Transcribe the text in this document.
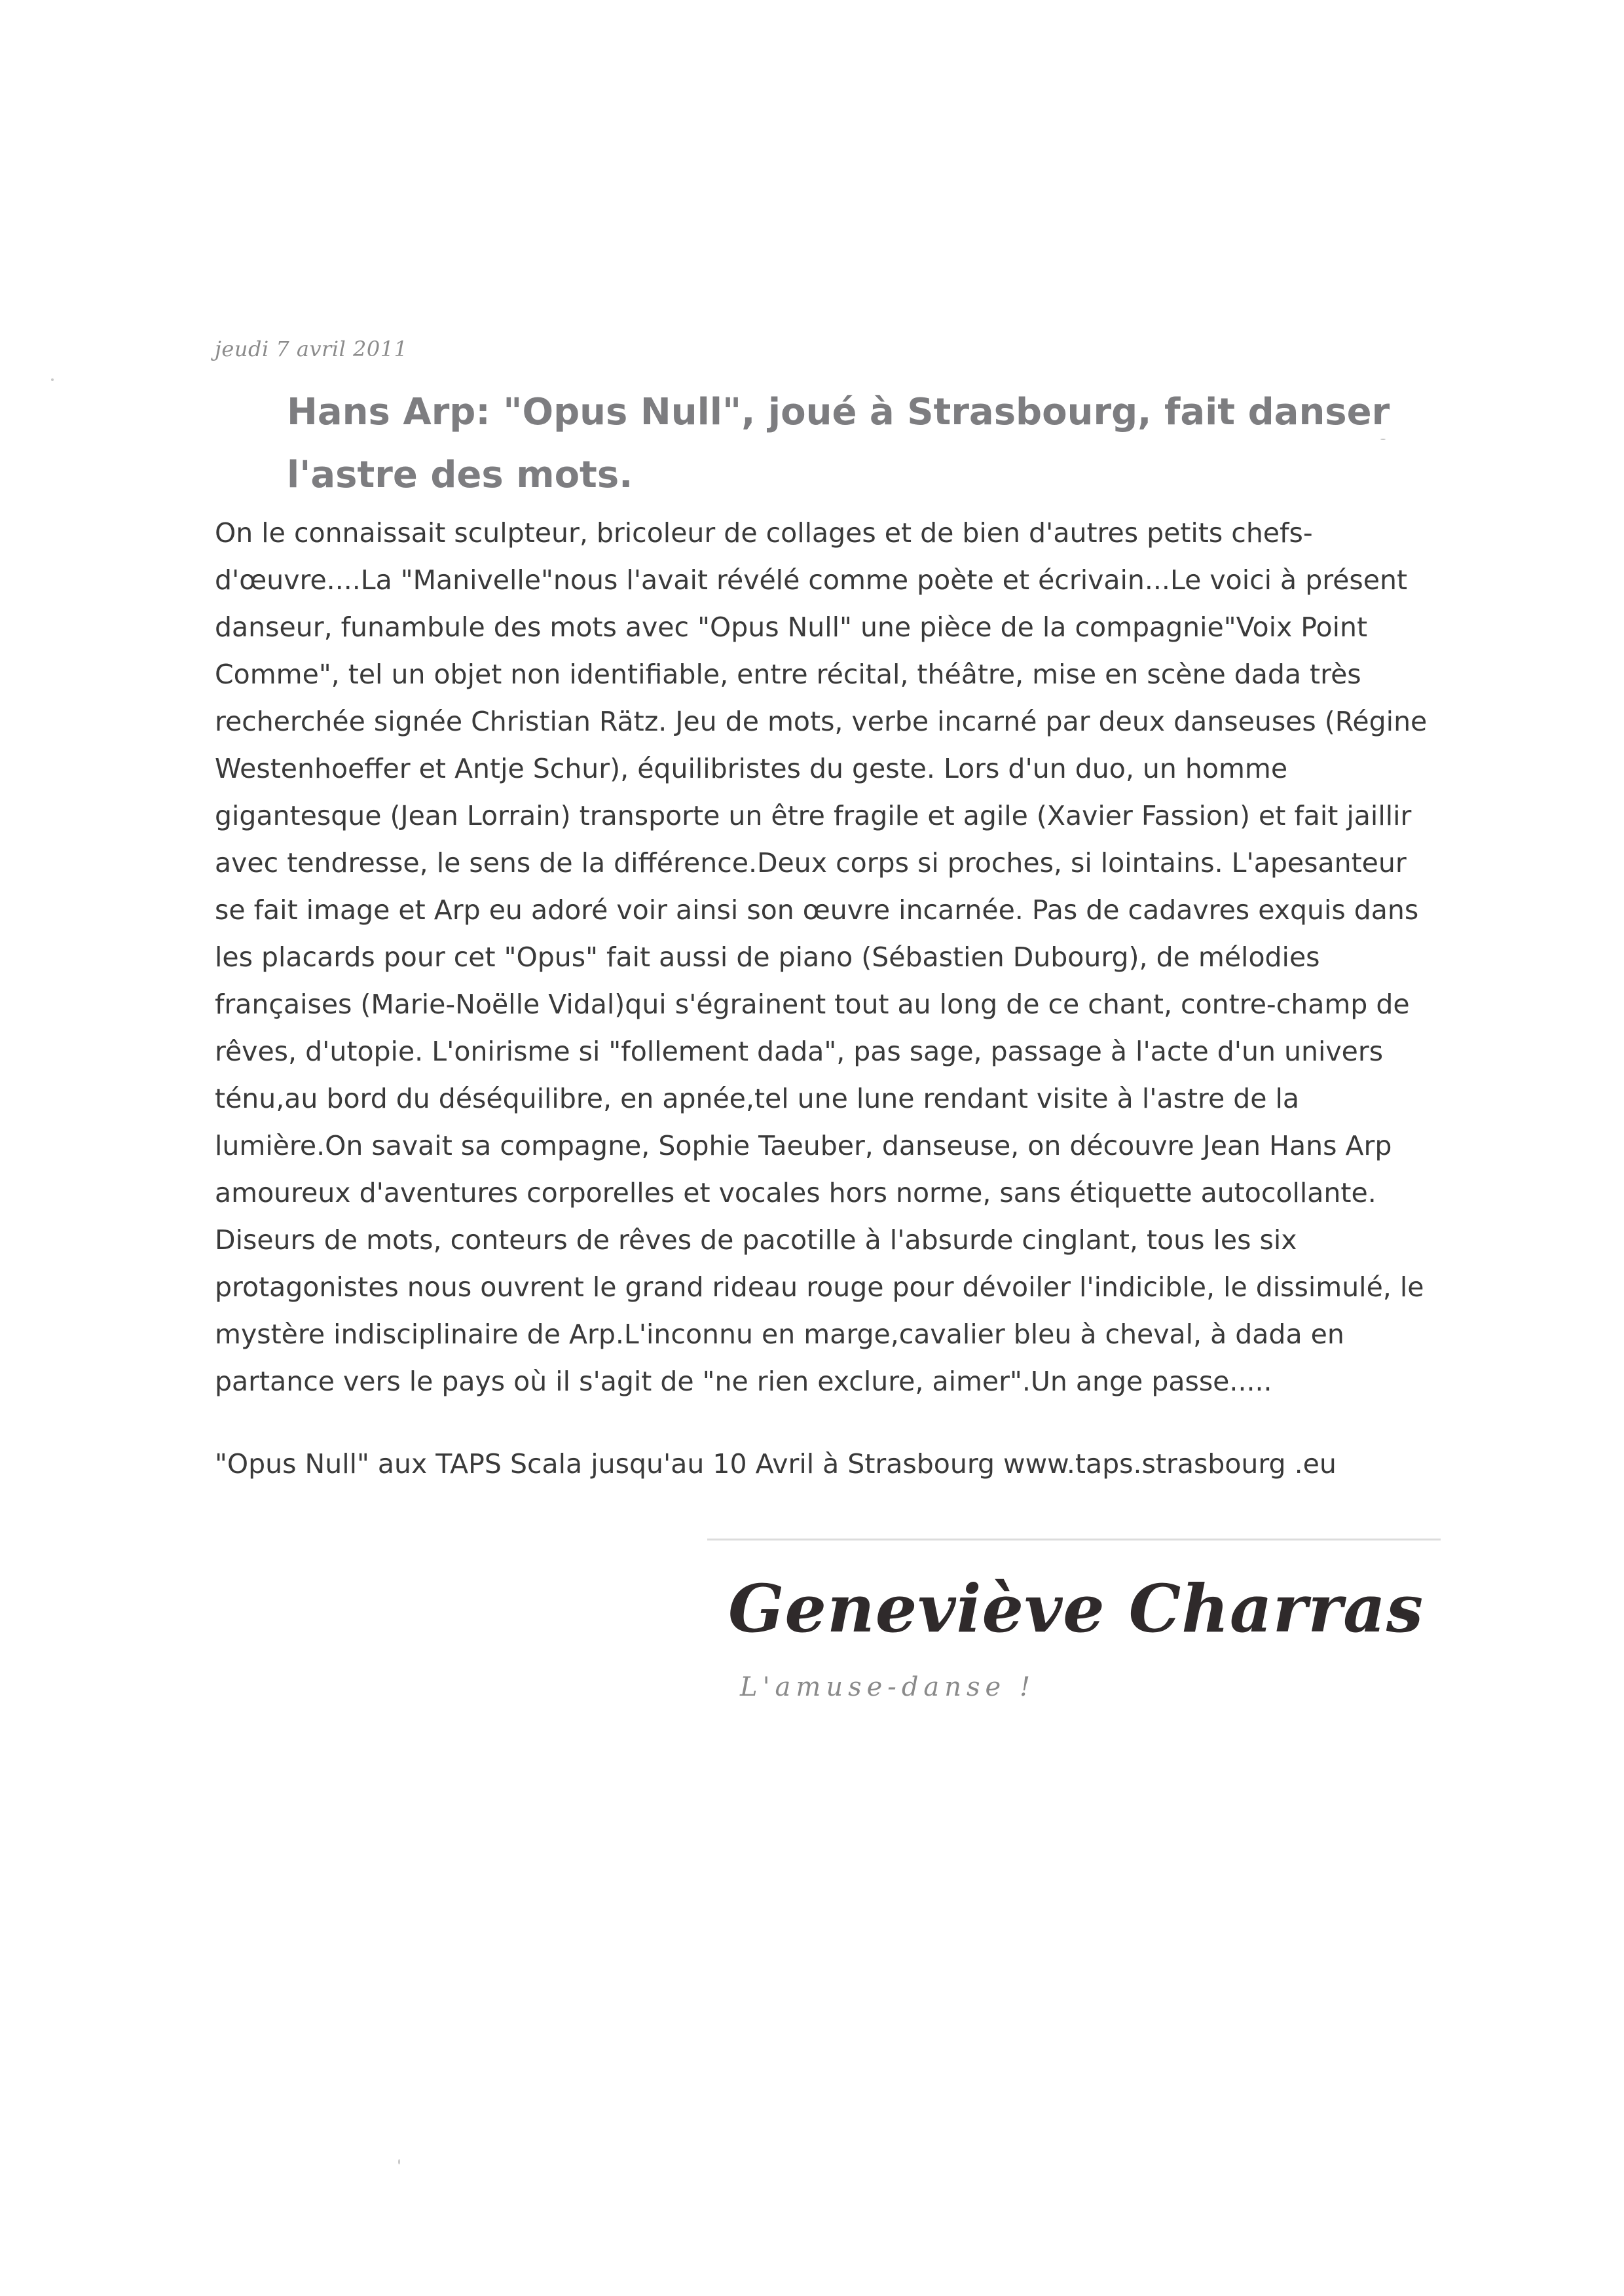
jeudi 7 avril 2011
Hans Arp: "Opus Null", joué à Strasbourg, fait danser
l'astre des mots.

On le connaissait sculpteur, bricoleur de collages et de bien d'autres petits chefs-d'œuvre....La "Manivelle"nous l'avait révélé comme poète et écrivain...Le voici à présent danseur, funambule des mots avec "Opus Null" une pièce de la compagnie"Voix Point Comme", tel un objet non identifiable, entre récital, théâtre, mise en scène dada très recherchée signée Christian Rätz. Jeu de mots, verbe incarné par deux danseuses (Régine Westenhoeffer et Antje Schur), équilibristes du geste. Lors d'un duo, un homme gigantesque (Jean Lorrain) transporte un être fragile et agile (Xavier Fassion) et fait jaillir avec tendresse, le sens de la différence.Deux corps si proches, si lointains. L'apesanteur se fait image et Arp eu adoré voir ainsi son œuvre incarnée. Pas de cadavres exquis dans les placards pour cet "Opus" fait aussi de piano (Sébastien Dubourg), de mélodies françaises (Marie-Noëlle Vidal)qui s'égrainent tout au long de ce chant, contre-champ de rêves, d'utopie. L'onirisme si "follement dada", pas sage, passage à l'acte d'un univers ténu,au bord du déséquilibre, en apnée,tel une lune rendant visite à l'astre de la lumière.On savait sa compagne, Sophie Taeuber, danseuse, on découvre Jean Hans Arp amoureux d'aventures corporelles et vocales hors norme, sans étiquette autocollante. Diseurs de mots, conteurs de rêves de pacotille à l'absurde cinglant, tous les six protagonistes nous ouvrent le grand rideau rouge pour dévoiler l'indicible, le dissimulé, le mystère indisciplinaire de Arp.L'inconnu en marge,cavalier bleu à cheval, à dada en partance vers le pays où il s'agit de "ne rien exclure, aimer".Un ange passe.....

"Opus Null" aux TAPS Scala jusqu'au 10 Avril à Strasbourg www.taps.strasbourg .eu

Geneviève Charras
L'amuse-danse !
